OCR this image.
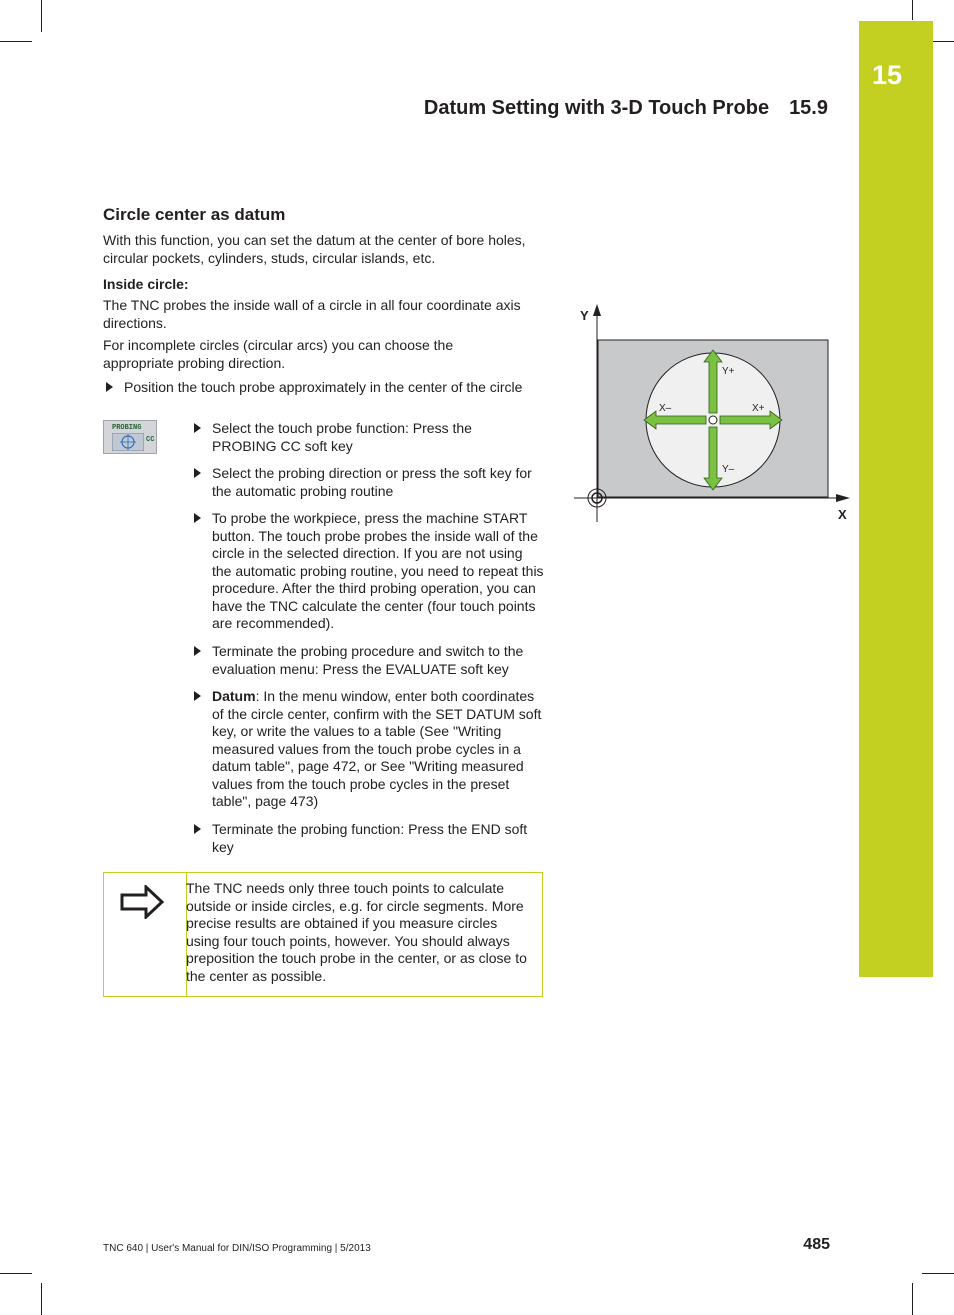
15
Datum Setting with 3-D Touch Probe 15.9
Circle center as datum
With this function, you can set the datum at the center of bore holes, circular pockets, cylinders, studs, circular islands, etc.
Inside circle:
The TNC probes the inside wall of a circle in all four coordinate axis directions.
For incomplete circles (circular arcs) you can choose the appropriate probing direction.
Position the touch probe approximately in the center of the circle
PROBING
CC
Select the touch probe function: Press the PROBING CC soft key
Select the probing direction or press the soft key for the automatic probing routine
To probe the workpiece, press the machine START button. The touch probe probes the inside wall of the circle in the selected direction. If you are not using the automatic probing routine, you need to repeat this procedure. After the third probing operation, you can have the TNC calculate the center (four touch points are recommended).
Terminate the probing procedure and switch to the evaluation menu: Press the EVALUATE soft key
Datum: In the menu window, enter both coordinates of the circle center, confirm with the SET DATUM soft key, or write the values to a table (See "Writing measured values from the touch probe cycles in a datum table", page 472, or See "Writing measured values from the touch probe cycles in the preset table", page 473)
Terminate the probing function: Press the END soft key
The TNC needs only three touch points to calculate outside or inside circles, e.g. for circle segments. More precise results are obtained if you measure circles using four touch points, however. You should always preposition the touch probe in the center, or as close to the center as possible.
Y
X
Y+
Y–
X+
X–
TNC 640 | User's Manual for DIN/ISO Programming | 5/2013	485
